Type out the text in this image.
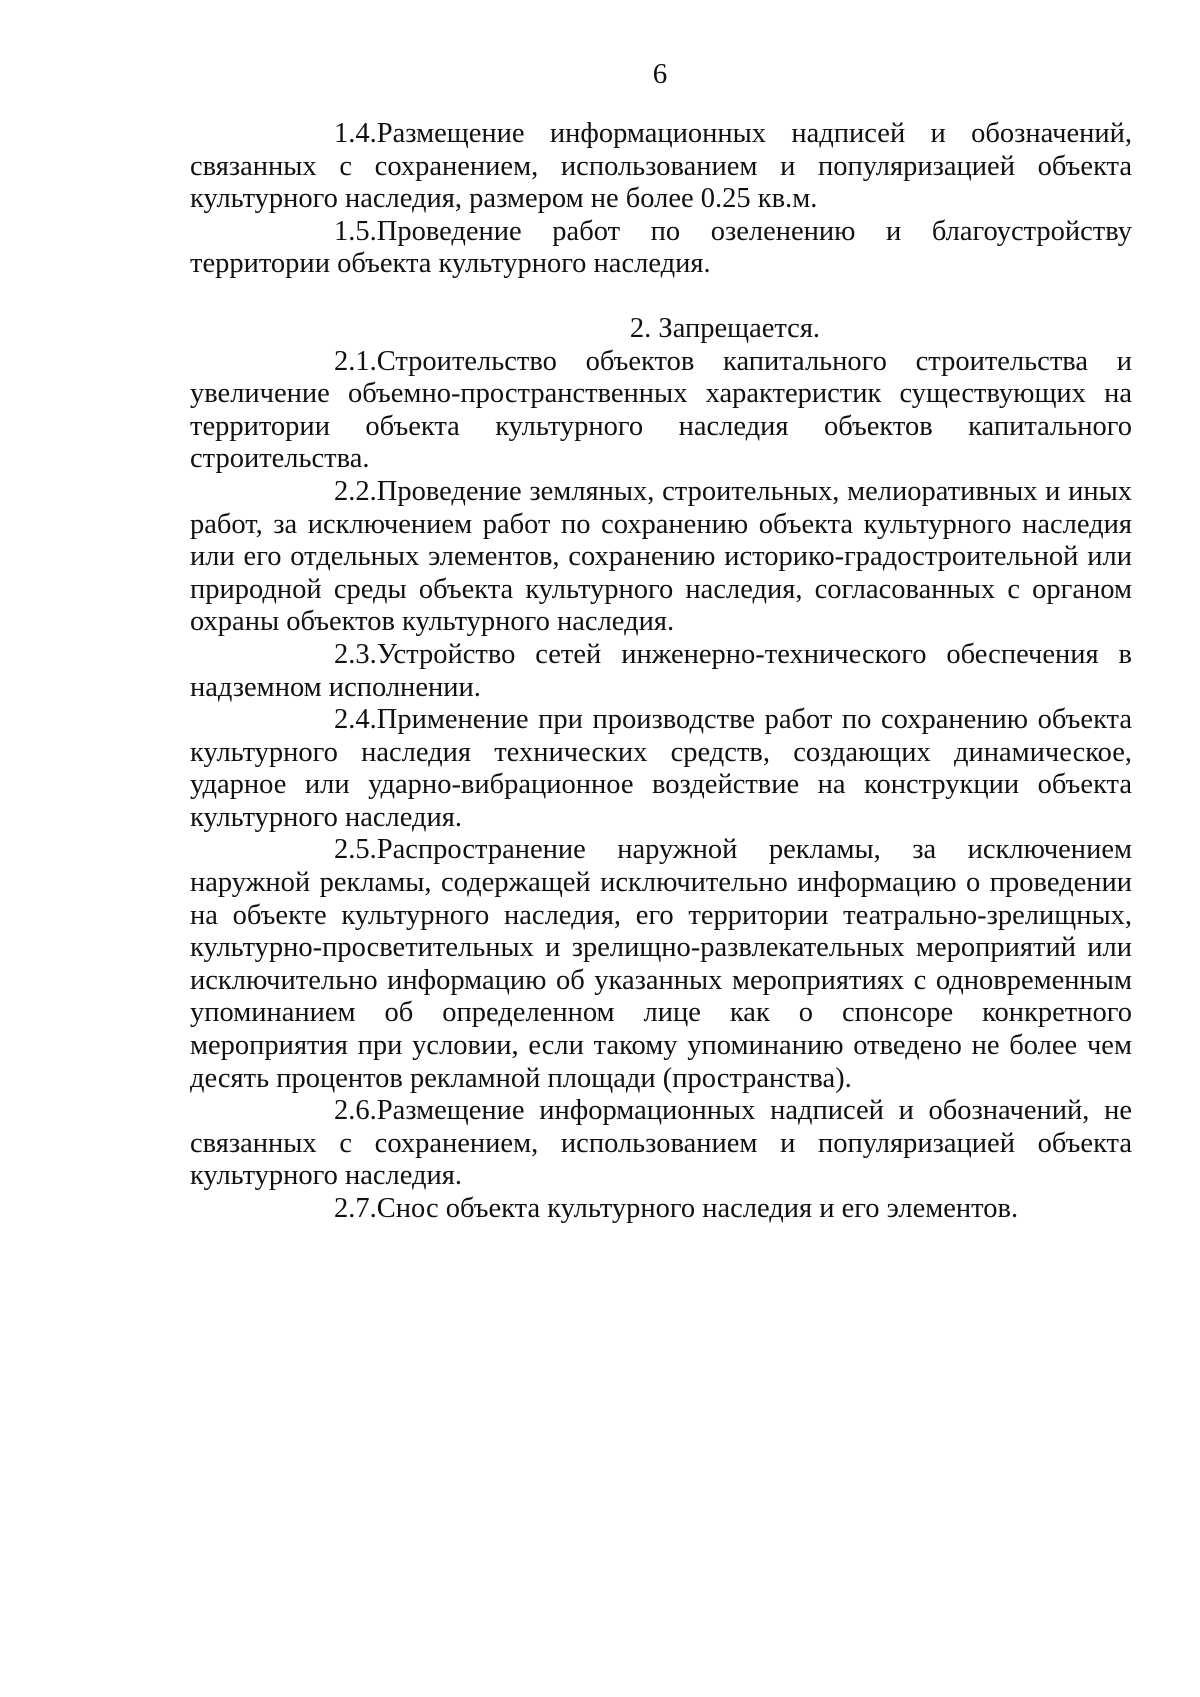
6

1.4.Размещение информационных надписей и обозначений, связанных с сохранением, использованием и популяризацией объекта культурного наследия, размером не более 0.25 кв.м.

1.5.Проведение работ по озеленению и благоустройству территории объекта культурного наследия.

2. Запрещается.

2.1.Строительство объектов капитального строительства и увеличение объемно-пространственных характеристик существующих на территории объекта культурного наследия объектов капитального строительства.

2.2.Проведение земляных, строительных, мелиоративных и иных работ, за исключением работ по сохранению объекта культурного наследия или его отдельных элементов, сохранению историко-градостроительной или природной среды объекта культурного наследия, согласованных с органом охраны объектов культурного наследия.

2.3.Устройство сетей инженерно-технического обеспечения в надземном исполнении.

2.4.Применение при производстве работ по сохранению объекта культурного наследия технических средств, создающих динамическое, ударное или ударно-вибрационное воздействие на конструкции объекта культурного наследия.

2.5.Распространение наружной рекламы, за исключением наружной рекламы, содержащей исключительно информацию о проведении на объекте культурного наследия, его территории театрально-зрелищных, культурно-просветительных и зрелищно-развлекательных мероприятий или исключительно информацию об указанных мероприятиях с одновременным упоминанием об определенном лице как о спонсоре конкретного мероприятия при условии, если такому упоминанию отведено не более чем десять процентов рекламной площади (пространства).

2.6.Размещение информационных надписей и обозначений, не связанных с сохранением, использованием и популяризацией объекта культурного наследия.

2.7.Снос объекта культурного наследия и его элементов.
